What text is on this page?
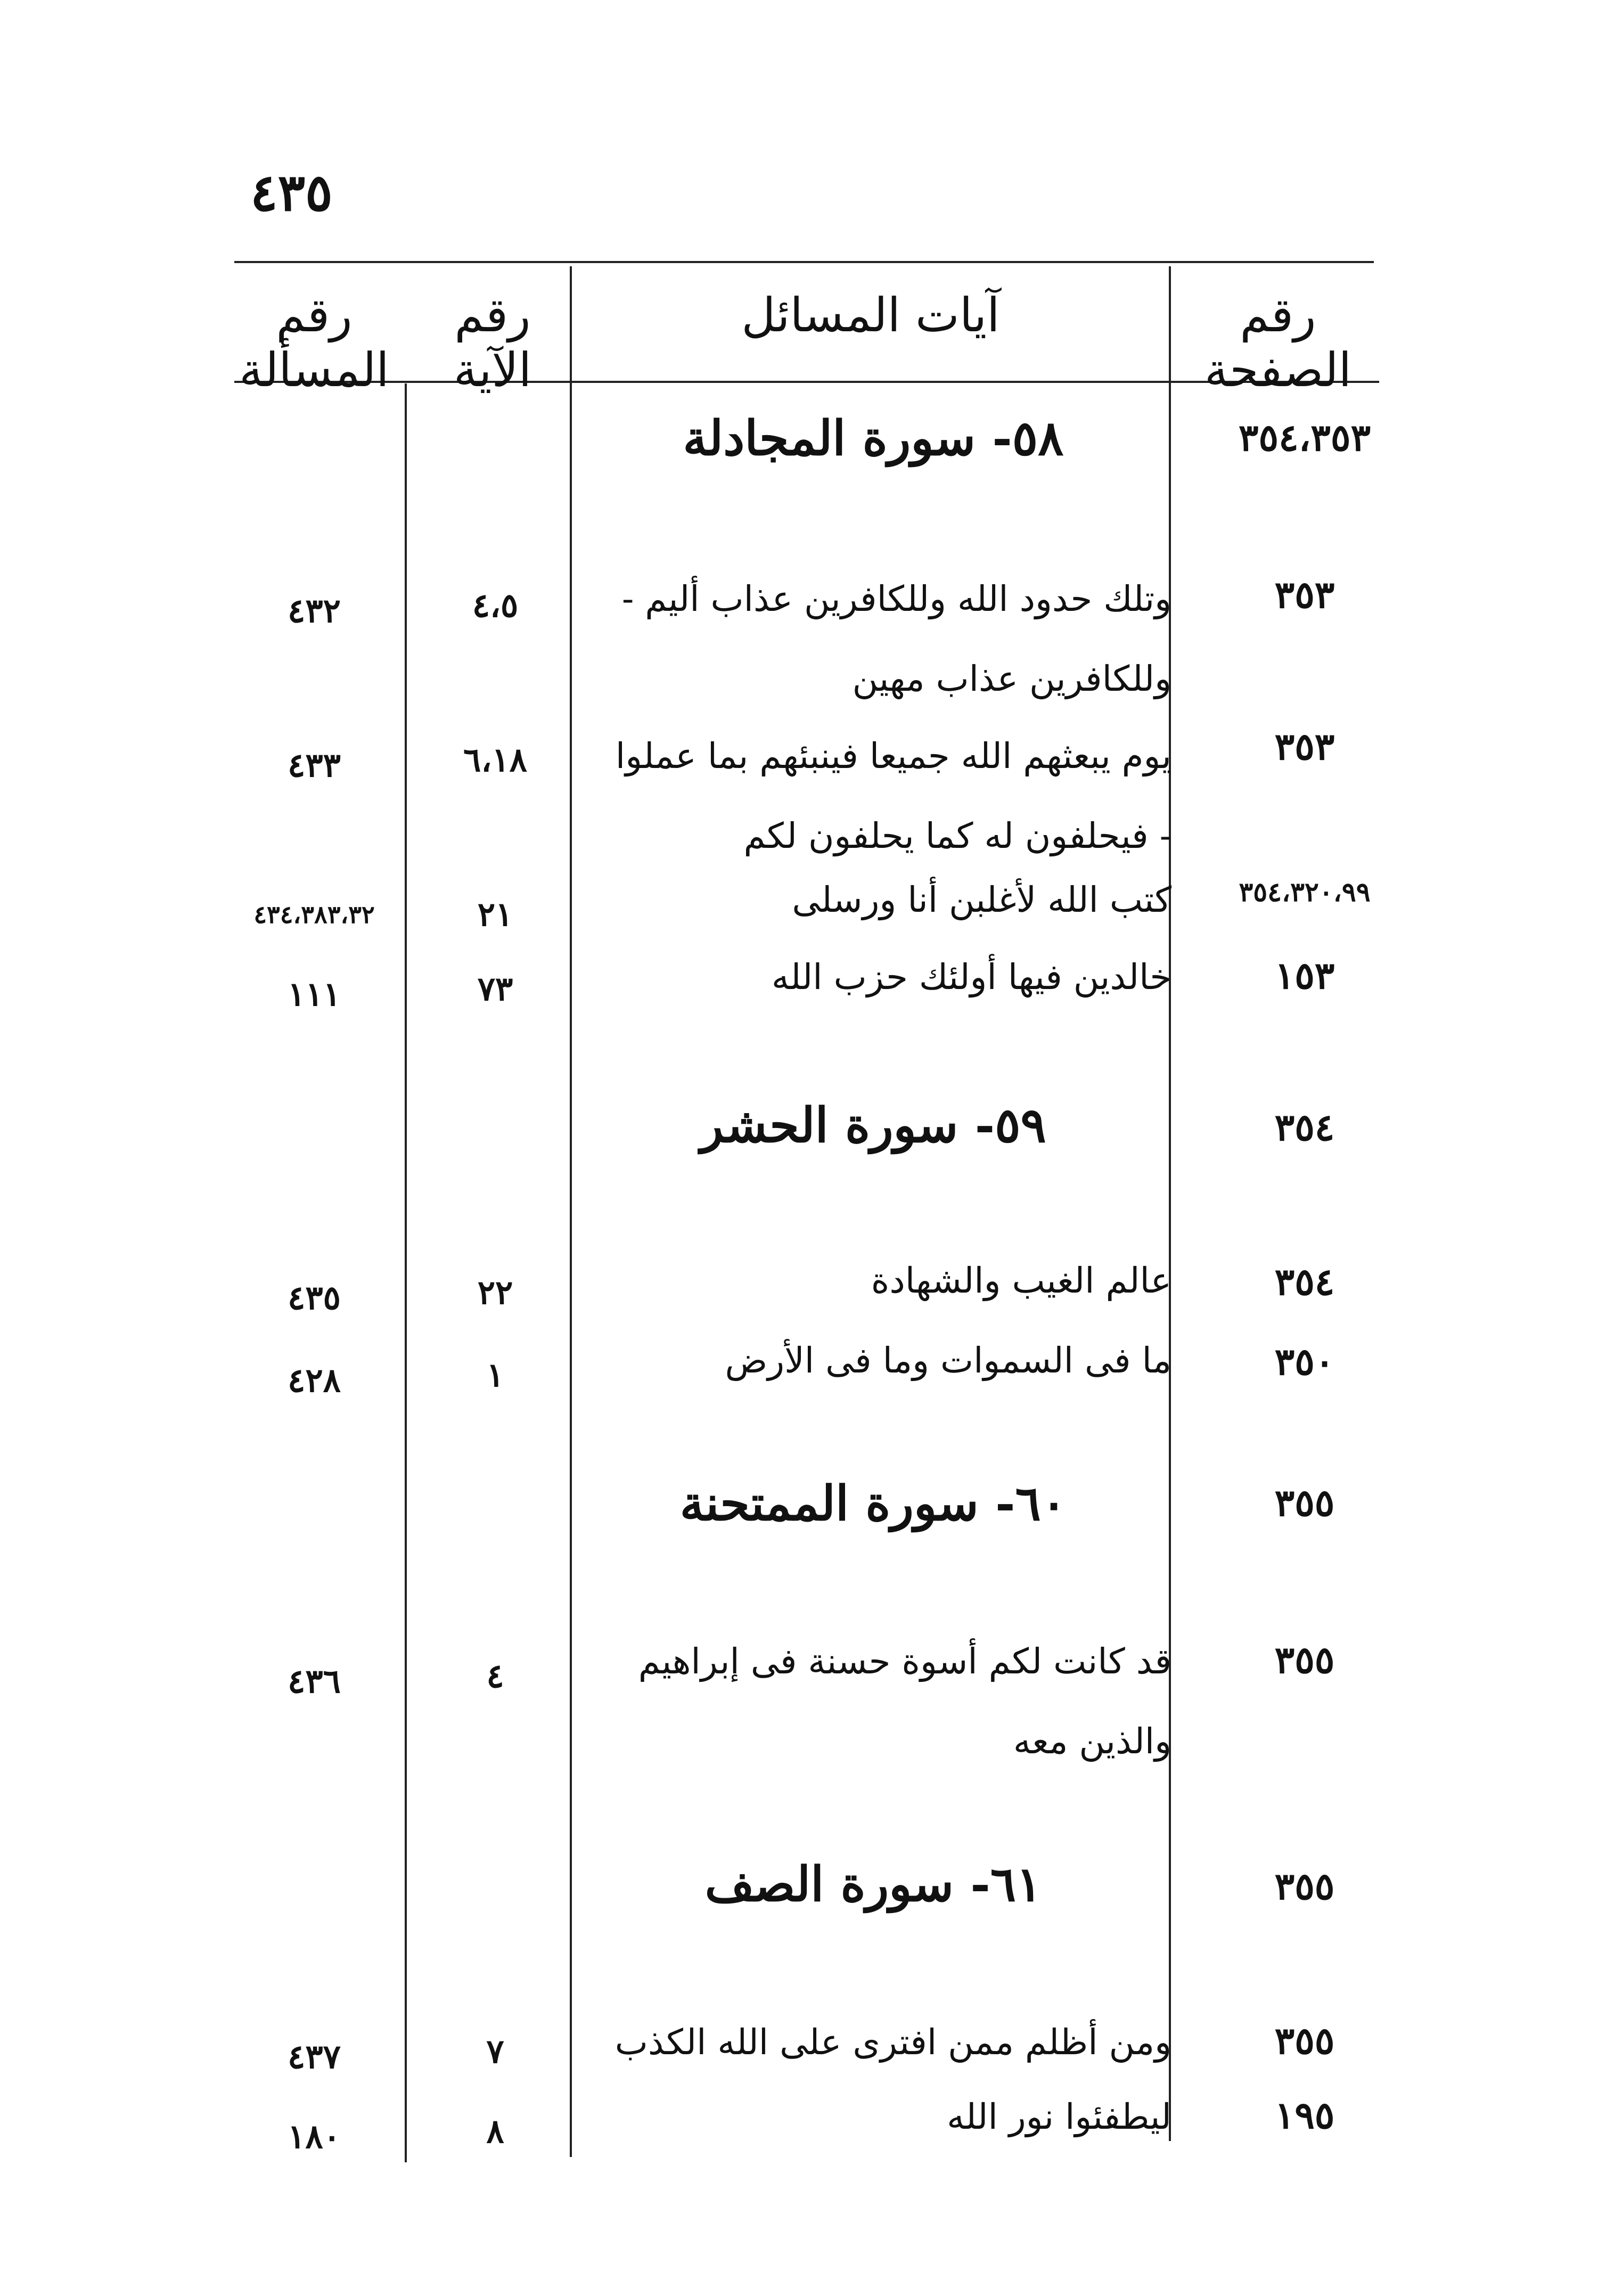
٤٣٥
رقم الصفحة
آيات المسائل
رقم الآية
رقم المسألة
٣٥٤،٣٥٣
٥٨- سورة المجادلة
٣٥٣
وتلك حدود الله وللكافرين عذاب أليم - وللكافرين عذاب مهين
٤،٥
٤٣٢
٣٥٣
يوم يبعثهم الله جميعا فينبئهم بما عملوا - فيحلفون له كما يحلفون لكم
٦،١٨
٤٣٣
٣٥٤،٣٢٠،٩٩
كتب الله لأغلبن أنا ورسلى
٢١
٤٣٤،٣٨٣،٣٢
١٥٣
خالدين فيها أولئك حزب الله
٧٣
١١١
٣٥٤
٥٩- سورة الحشر
٣٥٤
عالم الغيب والشهادة
٢٢
٤٣٥
٣٥٠
ما فى السموات وما فى الأرض
١
٤٢٨
٣٥٥
٦٠- سورة الممتحنة
٣٥٥
قد كانت لكم أسوة حسنة فى إبراهيم والذين معه
٤
٤٣٦
٣٥٥
٦١- سورة الصف
٣٥٥
ومن أظلم ممن افترى على الله الكذب
٧
٤٣٧
١٩٥
ليطفئوا نور الله
٨
١٨٠
